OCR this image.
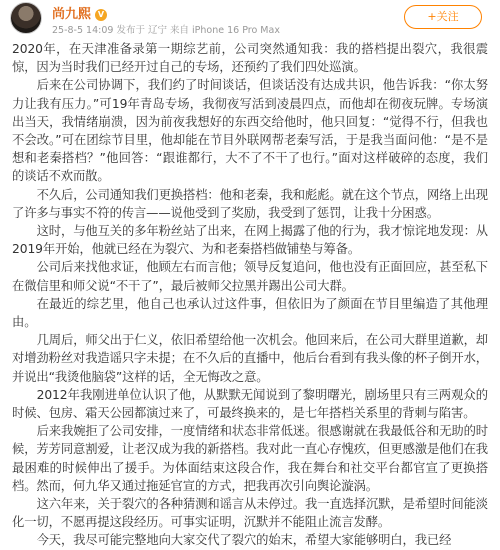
尚九熙 V
25-8-5 14:09 发布于 辽宁 来自 iPhone 16 Pro Max
+关注

2020年，在天津准备录第一期综艺前，公司突然通知我：我的搭档提出裂穴，我很震惊，因为当时我们已经开过自己的专场，还预约了我们四处巡演。

后来在公司协调下，我们约了时间谈话，但谈话没有达成共识，他告诉我：“你太努力让我有压力。”可19年青岛专场，我彻夜写活到凌晨四点，而他却在彻夜玩牌。专场演出当天，我情绪崩溃，因为前夜我想好的东西交给他时，他只回复：“觉得不行，但我也不会改。”可在团综节目里，他却能在节目外联网帮老秦写活，于是我当面问他：“是不是想和老秦搭档？”他回答：“跟谁都行，大不了不干了也行。”面对这样破碎的态度，我们的谈话不欢而散。

不久后，公司通知我们更换搭档：他和老秦，我和彪彪。就在这个节点，网络上出现了许多与事实不符的传言——说他受到了奖励，我受到了惩罚，让我十分困惑。

这时，与他互关的多年粉丝站了出来，在网上揭露了他的行为，我才惊诧地发现：从2019年开始，他就已经在为裂穴、为和老秦搭档做铺垫与筹备。

公司后来找他求证，他顾左右而言他；领导反复追问，他也没有正面回应，甚至私下在微信里和师父说“不干了”，最后被师父拉黑并踢出公司大群。

在最近的综艺里，他自己也承认过这件事，但依旧为了颜面在节目里编造了其他理由。

几周后，师父出于仁义，依旧希望给他一次机会。他回来后，在公司大群里道歉，却对增劲粉丝对我造谣只字未提；在不久后的直播中，他后台看到有我头像的杯子倒开水，并说出“我烫他脑袋”这样的话，全无悔改之意。

2012年我刚进单位认识了他，从默默无闻说到了黎明曙光，剧场里只有三两观众的时候、包房、霜天公园都演过来了，可最终换来的，是七年搭档关系里的背刺与陷害。

后来我婉拒了公司安排，一度情绪和状态非常低迷。很感谢就在我最低谷和无助的时候，芳芳同意割爱，让老汉成为我的新搭档。我对此一直心存愧疚，但更感激是他们在我最困难的时候伸出了援手。为体面结束这段合作，我在舞台和社交平台都官宣了更换搭档。然而，何九华又通过拖延官宣的方式，把我再次引向舆论漩涡。

这六年来，关于裂穴的各种猜测和谣言从未停过。我一直选择沉默，是希望时间能淡化一切，不愿再提这段经历。可事实证明，沉默并不能阻止流言发酵。

今天，我尽可能完整地向大家交代了裂穴的始末，希望大家能够明白，我已经
